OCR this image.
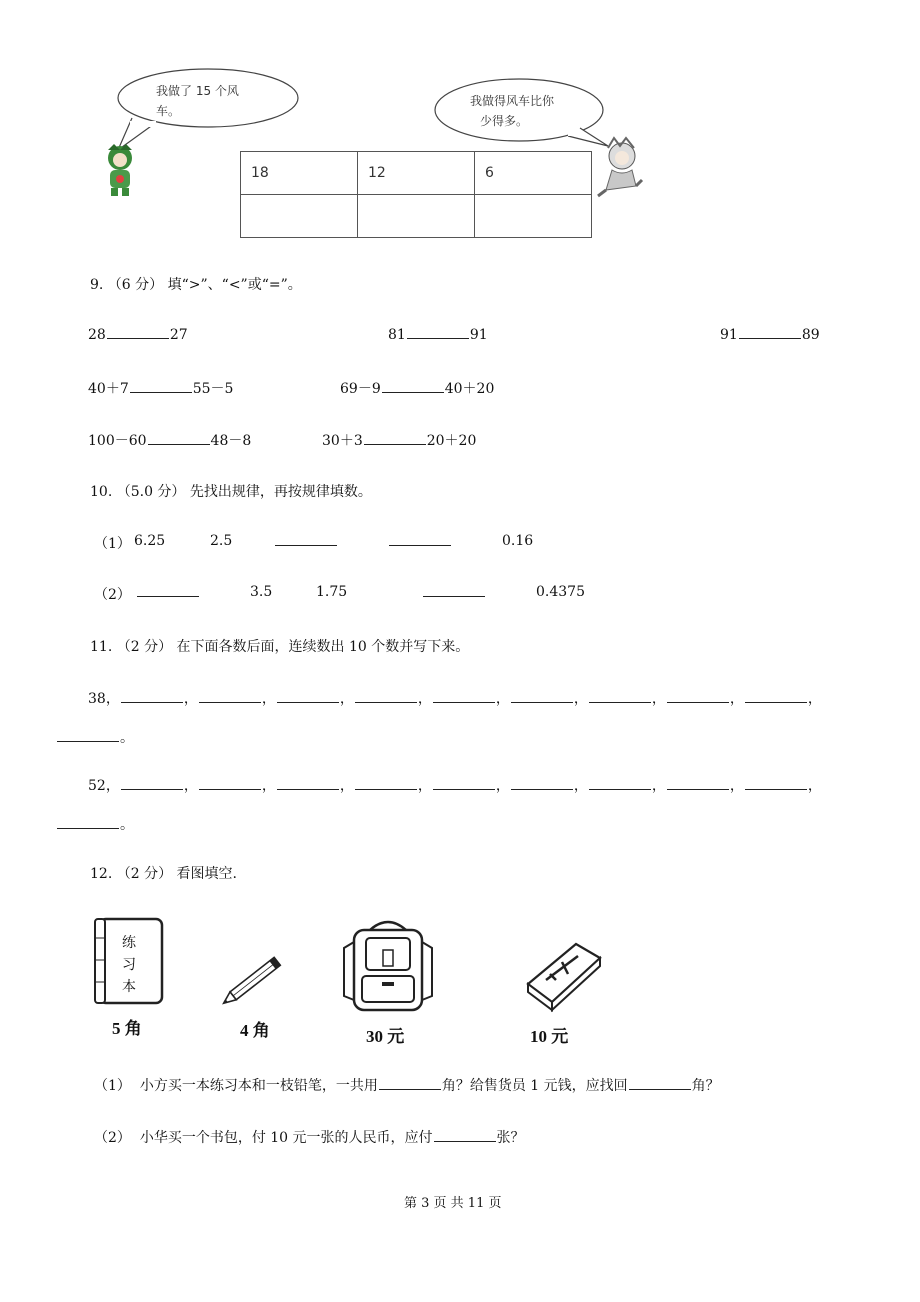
我做了 15 个风
车。
我做得风车比你
少得多。
18	12	6

9. （6 分） 填“>”、“<”或“=”。
28	27	81	91	91	89
40＋7	55－5	69－9	40＋20
100－60	48－8	30＋3	20＋20
10. （5.0 分） 先找出规律，再按规律填数。
（1） 6.25	2.5	0.16
（2）	3.5	1.75	0.4375
11. （2 分） 在下面各数后面，连续数出 10 个数并写下来。
38，	，	，	，	，	，	，	，	，	，
。
52，	，	，	，	，	，	，	，	，	，
。
12. （2 分） 看图填空.
练
习
本
5 角	4 角	30 元	10 元
（1） 小方买一本练习本和一枝铅笔，一共用	角？给售货员 1 元钱，应找回	角？
（2） 小华买一个书包，付 10 元一张的人民币，应付	张？
第 3 页 共 11 页
